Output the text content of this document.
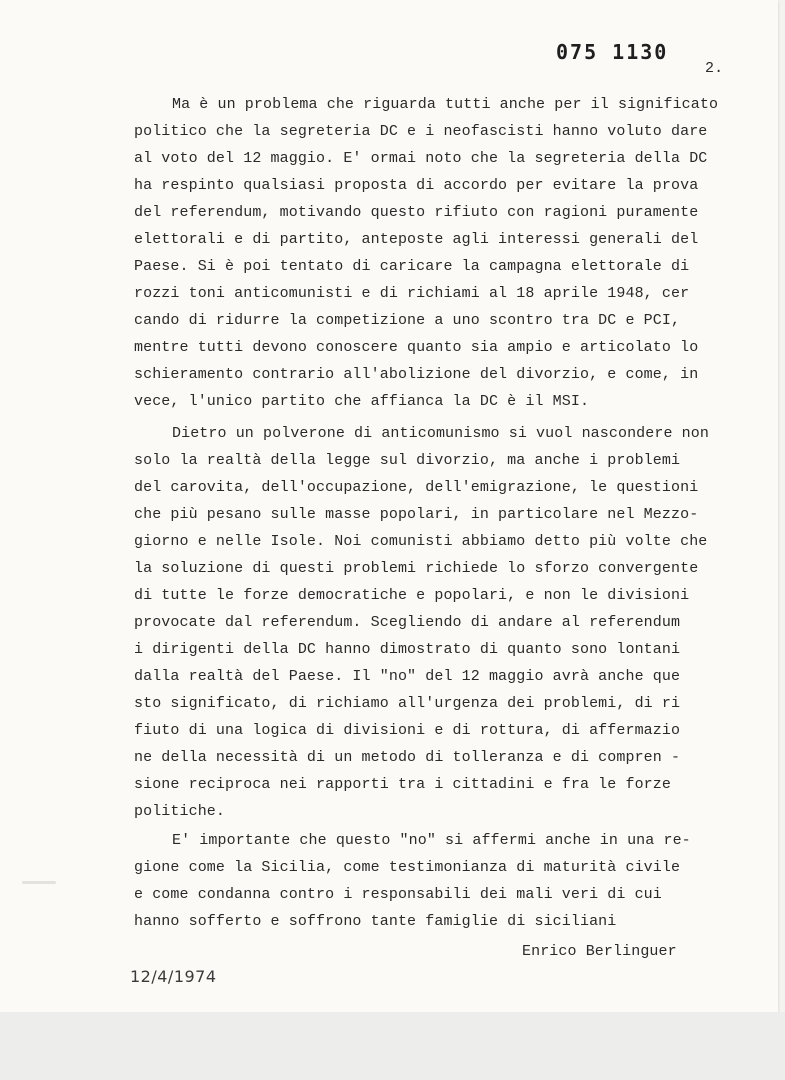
075 1130
2.
Ma è un problema che riguarda tutti anche per il significato
politico che la segreteria DC e i neofascisti hanno voluto dare
al voto del 12 maggio. E' ormai noto che la segreteria della DC
ha respinto qualsiasi proposta di accordo per evitare la prova
del referendum, motivando questo rifiuto con ragioni puramente
elettorali e di partito, anteposte agli interessi generali del
Paese. Si è poi tentato di caricare la campagna elettorale di
rozzi toni anticomunisti e di richiami al 18 aprile 1948, cer
cando di ridurre la competizione a uno scontro tra DC e PCI,
mentre tutti devono conoscere quanto sia ampio e articolato lo
schieramento contrario all'abolizione del divorzio, e come, in
vece, l'unico partito che affianca la DC è il MSI.
Dietro un polverone di anticomunismo si vuol nascondere non
solo la realtà della legge sul divorzio, ma anche i problemi
del carovita, dell'occupazione, dell'emigrazione, le questioni
che più pesano sulle masse popolari, in particolare nel Mezzo-
giorno e nelle Isole. Noi comunisti abbiamo detto più volte che
la soluzione di questi problemi richiede lo sforzo convergente
di tutte le forze democratiche e popolari, e non le divisioni
provocate dal referendum. Scegliendo di andare al referendum
i dirigenti della DC hanno dimostrato di quanto sono lontani
dalla realtà del Paese. Il "no" del 12 maggio avrà anche que
sto significato, di richiamo all'urgenza dei problemi, di ri
fiuto di una logica di divisioni e di rottura, di affermazio
ne della necessità di un metodo di tolleranza e di compren -
sione reciproca nei rapporti tra i cittadini e fra le forze
politiche.
E' importante che questo "no" si affermi anche in una re-
gione come la Sicilia, come testimonianza di maturità civile
e come condanna contro i responsabili dei mali veri di cui
hanno sofferto e soffrono tante famiglie di siciliani
Enrico Berlinguer
12/4/1974
